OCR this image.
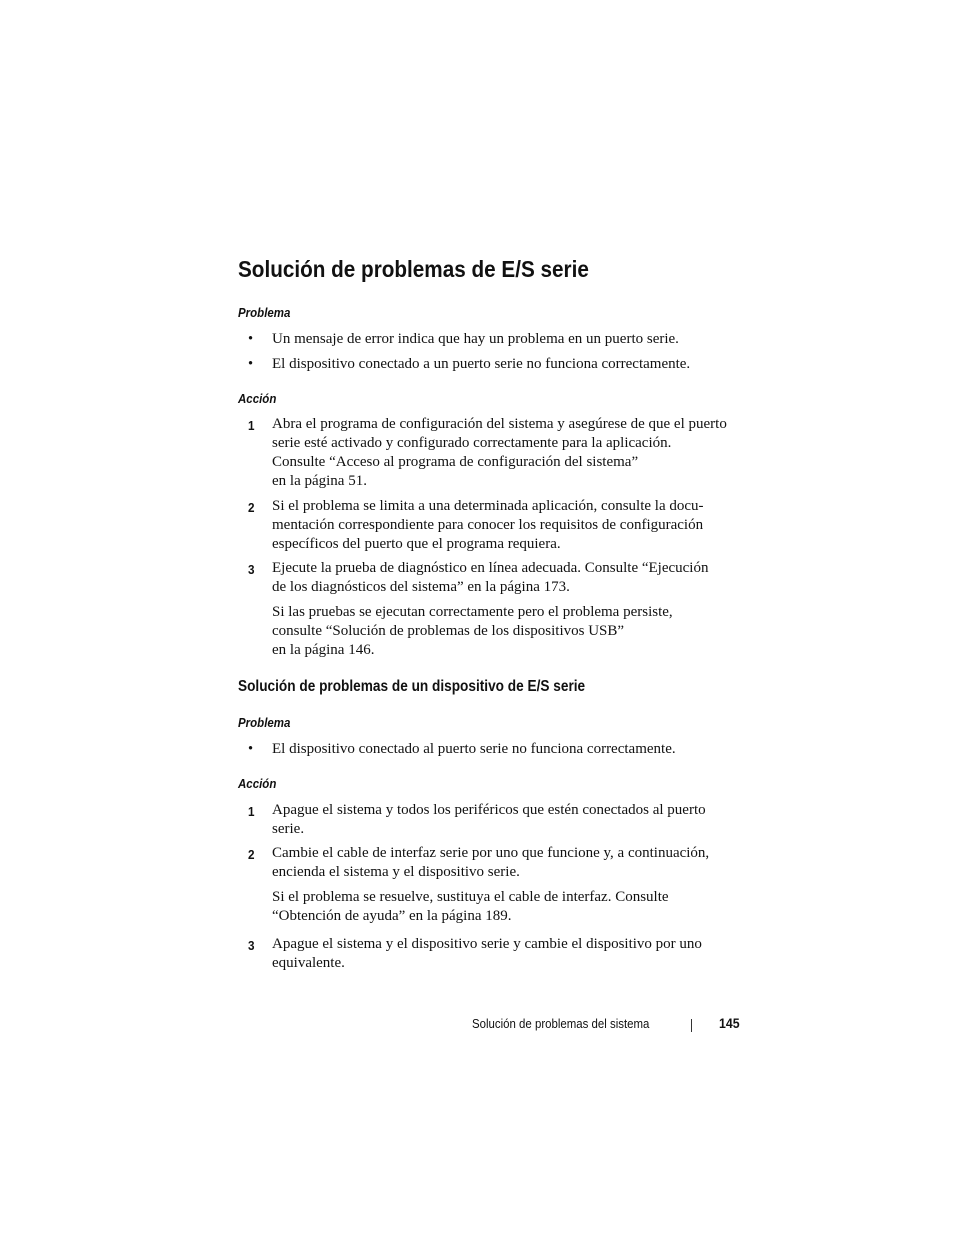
Solución de problemas de E/S serie
Problema
•	Un mensaje de error indica que hay un problema en un puerto serie.
•	El dispositivo conectado a un puerto serie no funciona correctamente.
Acción
1	Abra el programa de configuración del sistema y asegúrese de que el puerto
serie esté activado y configurado correctamente para la aplicación.
Consulte “Acceso al programa de configuración del sistema”
en la página 51.
2	Si el problema se limita a una determinada aplicación, consulte la docu-
mentación correspondiente para conocer los requisitos de configuración
específicos del puerto que el programa requiera.
3	Ejecute la prueba de diagnóstico en línea adecuada. Consulte “Ejecución
de los diagnósticos del sistema” en la página 173.
Si las pruebas se ejecutan correctamente pero el problema persiste,
consulte “Solución de problemas de los dispositivos USB”
en la página 146.
Solución de problemas de un dispositivo de E/S serie
Problema
•	El dispositivo conectado al puerto serie no funciona correctamente.
Acción
1	Apague el sistema y todos los periféricos que estén conectados al puerto
serie.
2	Cambie el cable de interfaz serie por uno que funcione y, a continuación,
encienda el sistema y el dispositivo serie.
Si el problema se resuelve, sustituya el cable de interfaz. Consulte
“Obtención de ayuda” en la página 189.
3	Apague el sistema y el dispositivo serie y cambie el dispositivo por uno
equivalente.
Solución de problemas del sistema	145
